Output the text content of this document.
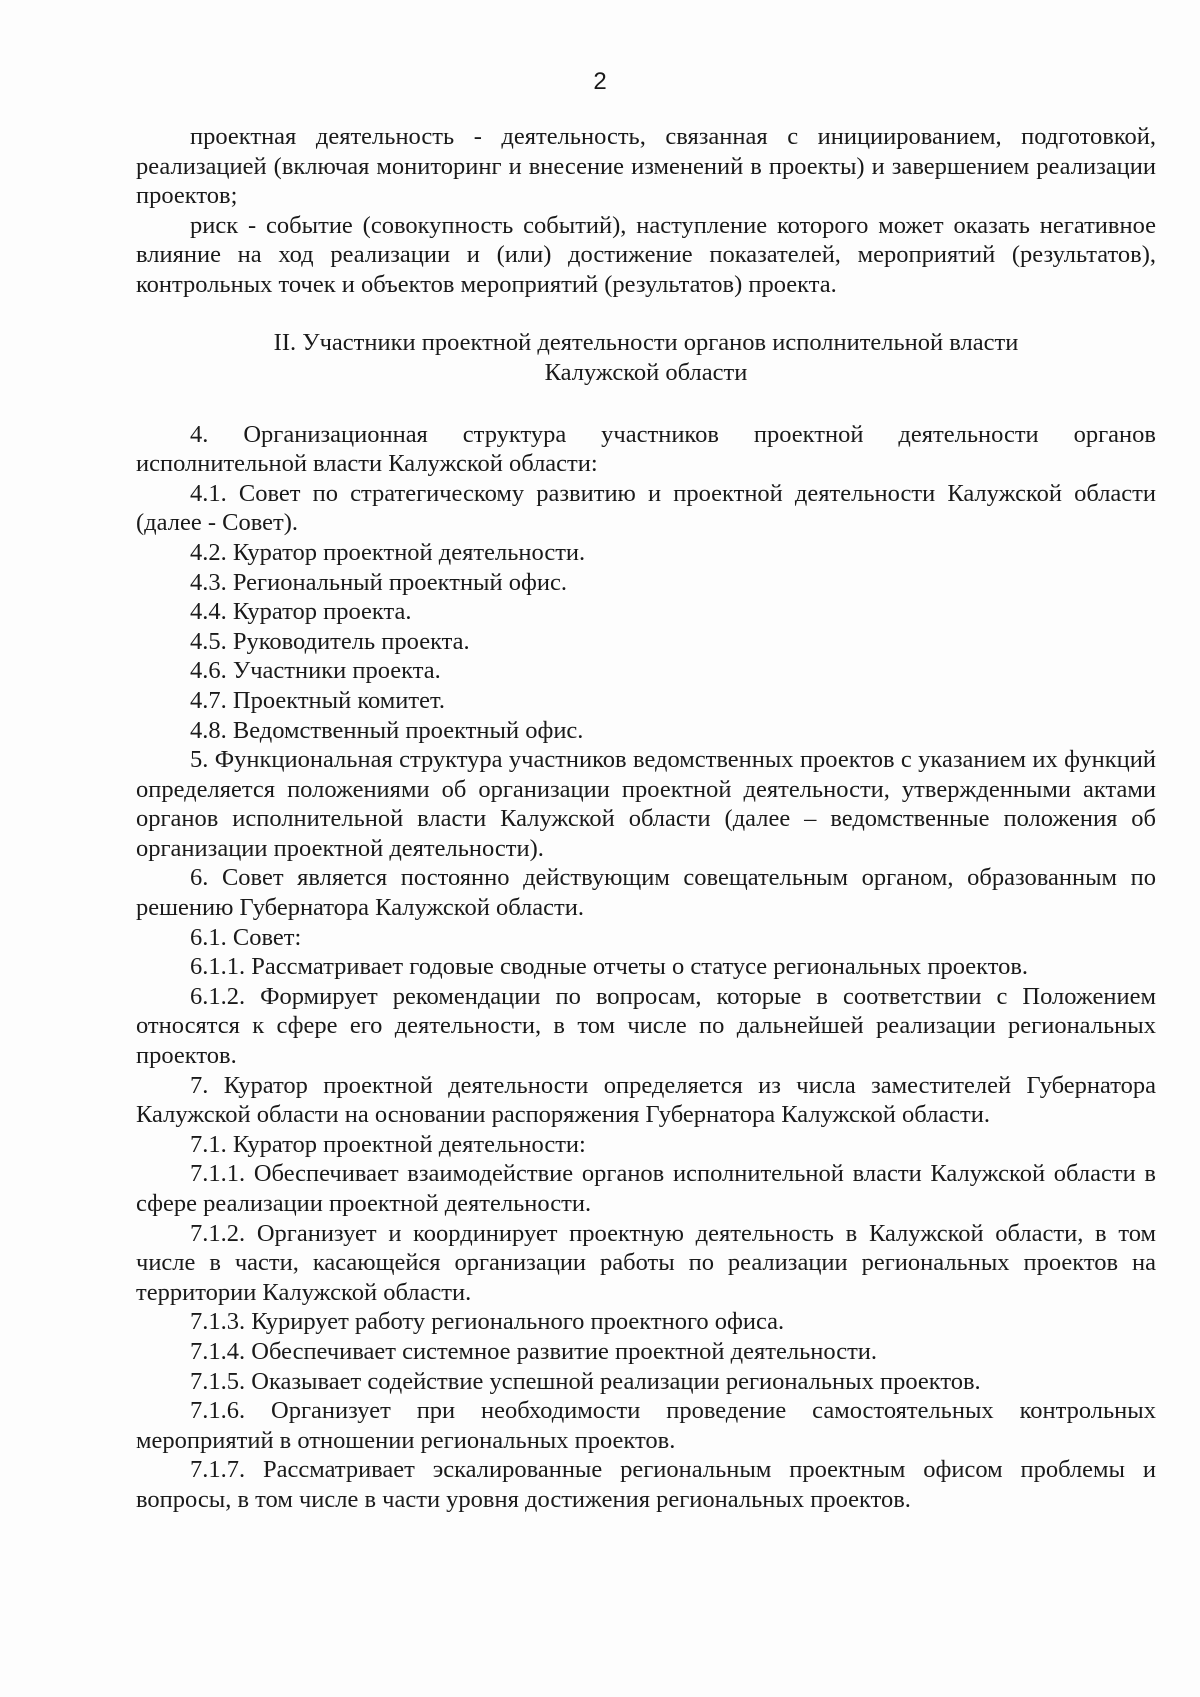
2

проектная деятельность - деятельность, связанная с инициированием, подготовкой, реализацией (включая мониторинг и внесение изменений в проекты) и завершением реализации проектов;

риск - событие (совокупность событий), наступление которого может оказать негативное влияние на ход реализации и (или) достижение показателей, мероприятий (результатов), контрольных точек и объектов мероприятий (результатов) проекта.

II. Участники проектной деятельности органов исполнительной власти
Калужской области

4. Организационная структура участников проектной деятельности органов исполнительной власти Калужской области:

4.1. Совет по стратегическому развитию и проектной деятельности Калужской области (далее - Совет).

4.2. Куратор проектной деятельности.

4.3. Региональный проектный офис.

4.4. Куратор проекта.

4.5. Руководитель проекта.

4.6. Участники проекта.

4.7. Проектный комитет.

4.8. Ведомственный проектный офис.

5. Функциональная структура участников ведомственных проектов с указанием их функций определяется положениями об организации проектной деятельности, утвержденными актами органов исполнительной власти Калужской области (далее – ведомственные положения об организации проектной деятельности).

6. Совет является постоянно действующим совещательным органом, образованным по решению Губернатора Калужской области.

6.1. Совет:

6.1.1. Рассматривает годовые сводные отчеты о статусе региональных проектов.

6.1.2. Формирует рекомендации по вопросам, которые в соответствии с Положением относятся к сфере его деятельности, в том числе по дальнейшей реализации региональных проектов.

7. Куратор проектной деятельности определяется из числа заместителей Губернатора Калужской области на основании распоряжения Губернатора Калужской области.

7.1. Куратор проектной деятельности:

7.1.1. Обеспечивает взаимодействие органов исполнительной власти Калужской области в сфере реализации проектной деятельности.

7.1.2. Организует и координирует проектную деятельность в Калужской области, в том числе в части, касающейся организации работы по реализации региональных проектов на территории Калужской области.

7.1.3. Курирует работу регионального проектного офиса.

7.1.4. Обеспечивает системное развитие проектной деятельности.

7.1.5. Оказывает содействие успешной реализации региональных проектов.

7.1.6. Организует при необходимости проведение самостоятельных контрольных мероприятий в отношении региональных проектов.

7.1.7. Рассматривает эскалированные региональным проектным офисом проблемы и вопросы, в том числе в части уровня достижения региональных проектов.
